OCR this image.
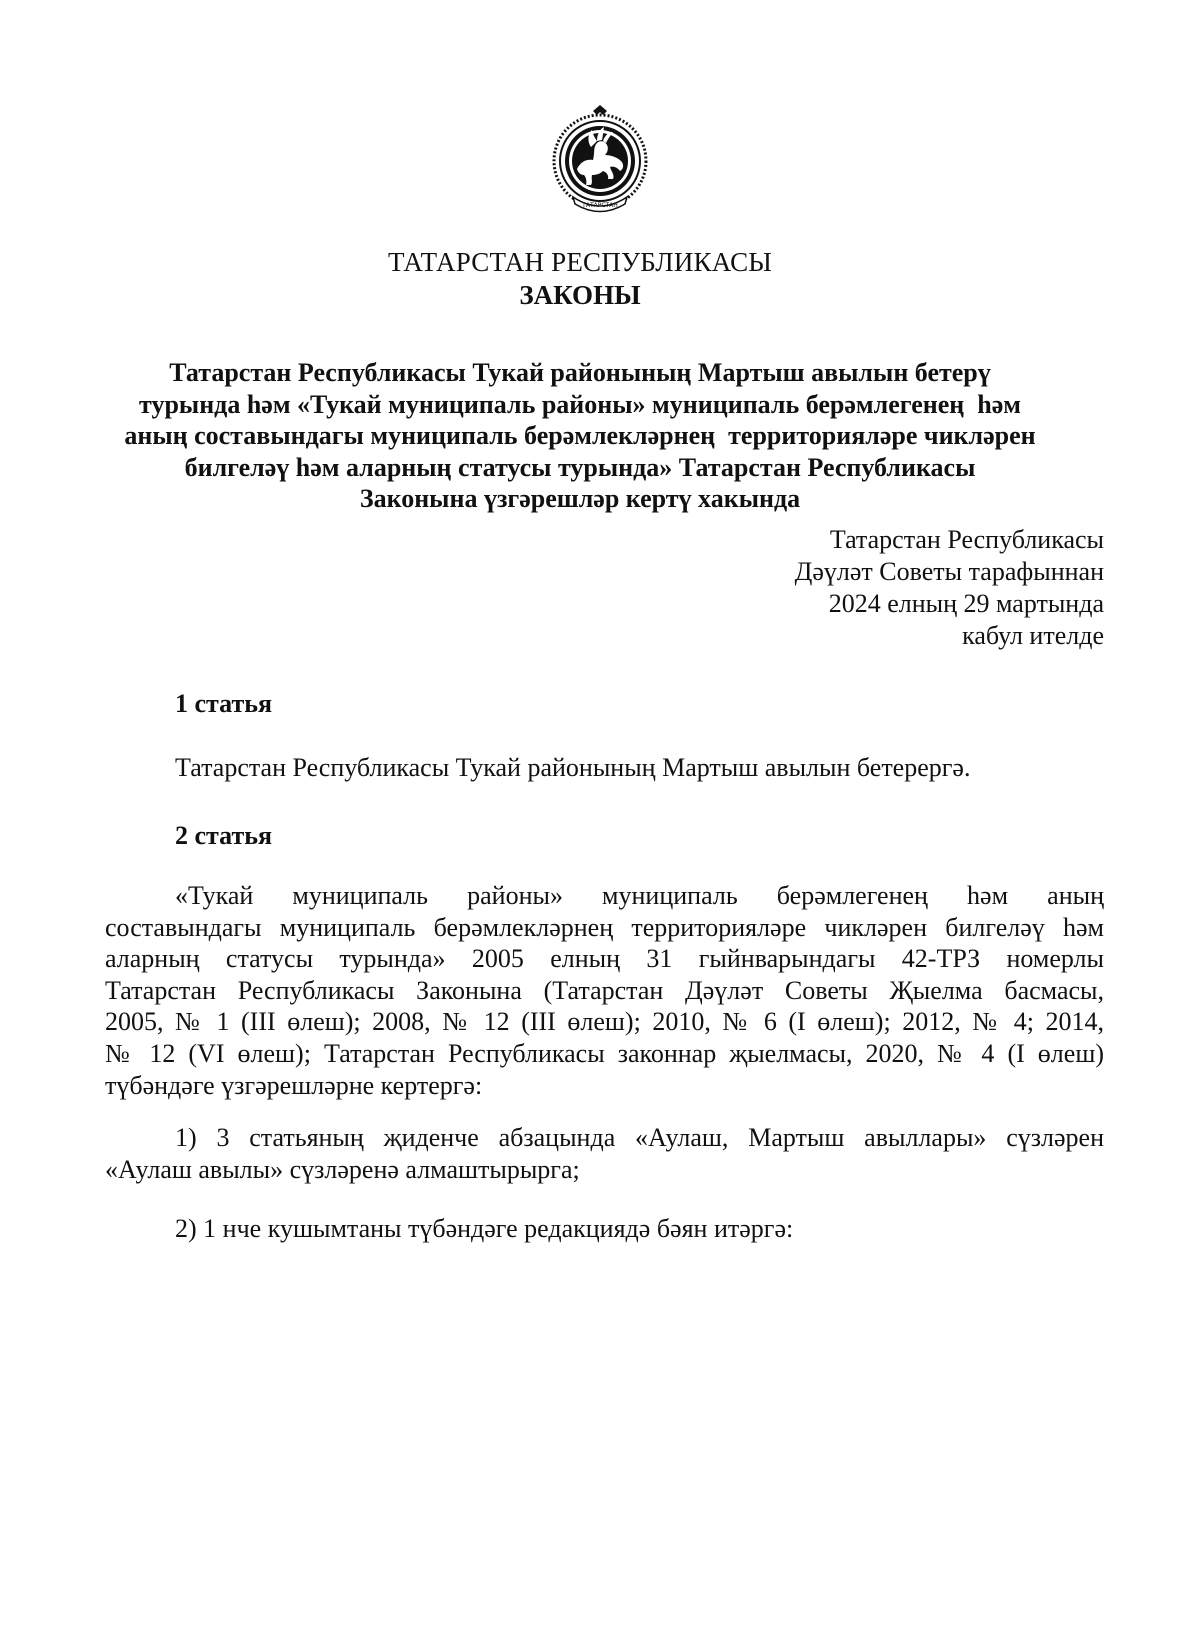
ТАТАРСТАН
ТАТАРСТАН РЕСПУБЛИКАСЫ
ЗАКОНЫ
Татарстан Республикасы Тукай районының Мартыш авылын бетерү
турында һәм «Тукай муниципаль районы» муниципаль берәмлегенең  һәм
аның составындагы муниципаль берәмлекләрнең  территорияләре чикләрен
билгеләү һәм аларның статусы турында» Татарстан Республикасы
Законына үзгәрешләр кертү хакында
Татарстан Республикасы
Дәүләт Советы тарафыннан
2024 елның 29 мартында
кабул ителде
1 статья
Татарстан Республикасы Тукай районының Мартыш авылын бетерергә.
2 статья
«Тукай муниципаль районы» муниципаль берәмлегенең һәм аның
составындагы муниципаль берәмлекләрнең территорияләре чикләрен билгеләү һәм
аларның статусы турында» 2005 елның 31 гыйнварындагы 42-ТРЗ номерлы
Татарстан Республикасы Законына (Татарстан Дәүләт Советы Җыелма басмасы,
2005, № 1 (III өлеш); 2008, № 12 (III өлеш); 2010, № 6 (I өлеш); 2012, № 4; 2014,
№ 12 (VI өлеш); Татарстан Республикасы законнар җыелмасы, 2020, № 4 (I өлеш)
түбәндәге үзгәрешләрне кертергә:
1) 3 статьяның җиденче абзацында «Аулаш, Мартыш авыллары» сүзләрен
«Аулаш авылы» сүзләренә алмаштырырга;
2) 1 нче кушымтаны түбәндәге редакциядә бәян итәргә:
